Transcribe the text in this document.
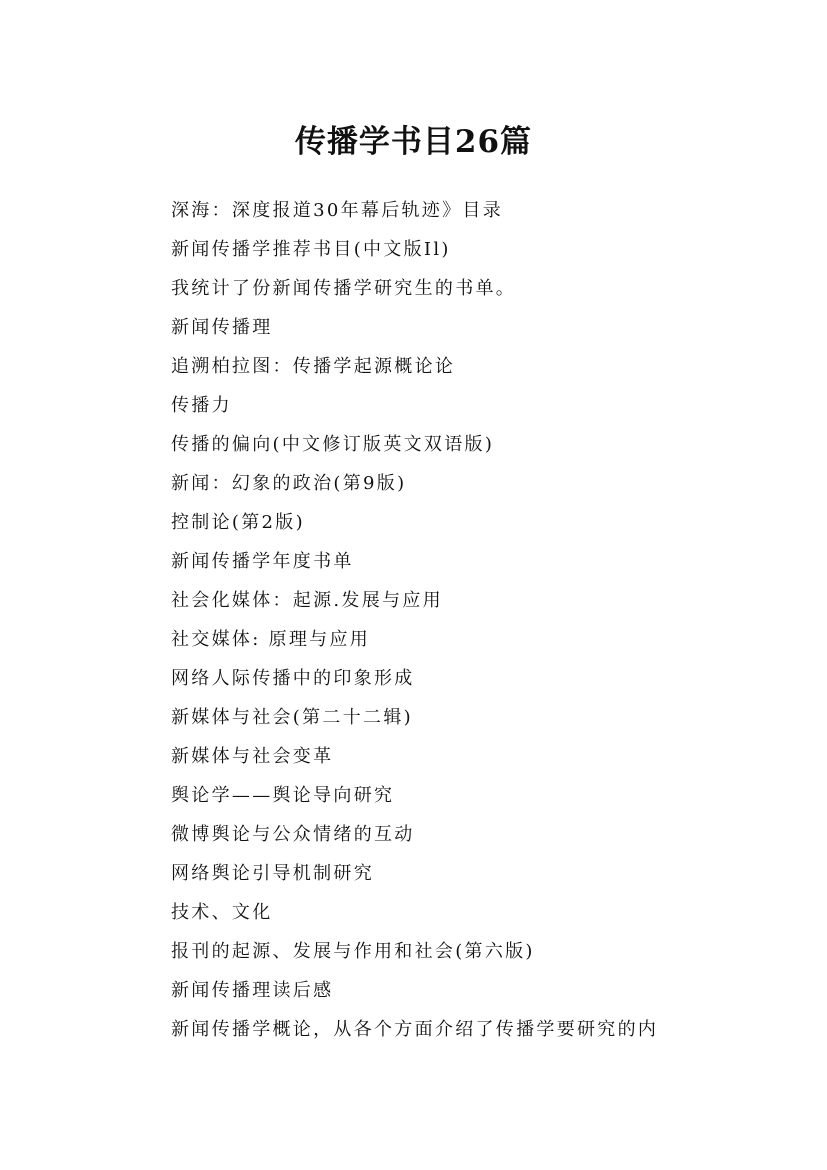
传播学书目26篇
深海：深度报道30年幕后轨迹》目录
新闻传播学推荐书目(中文版Il)
我统计了份新闻传播学研究生的书单。
新闻传播理
追溯柏拉图：传播学起源概论论
传播力
传播的偏向(中文修订版英文双语版)
新闻：幻象的政治(第9版)
控制论(第2版)
新闻传播学年度书单
社会化媒体：起源.发展与应用
社交媒体: 原理与应用
网络人际传播中的印象形成
新媒体与社会(第二十二辑)
新媒体与社会变革
舆论学——舆论导向研究
微博舆论与公众情绪的互动
网络舆论引导机制研究
技术、文化
报刊的起源、发展与作用和社会(第六版)
新闻传播理读后感
新闻传播学概论，从各个方面介绍了传播学要研究的内
